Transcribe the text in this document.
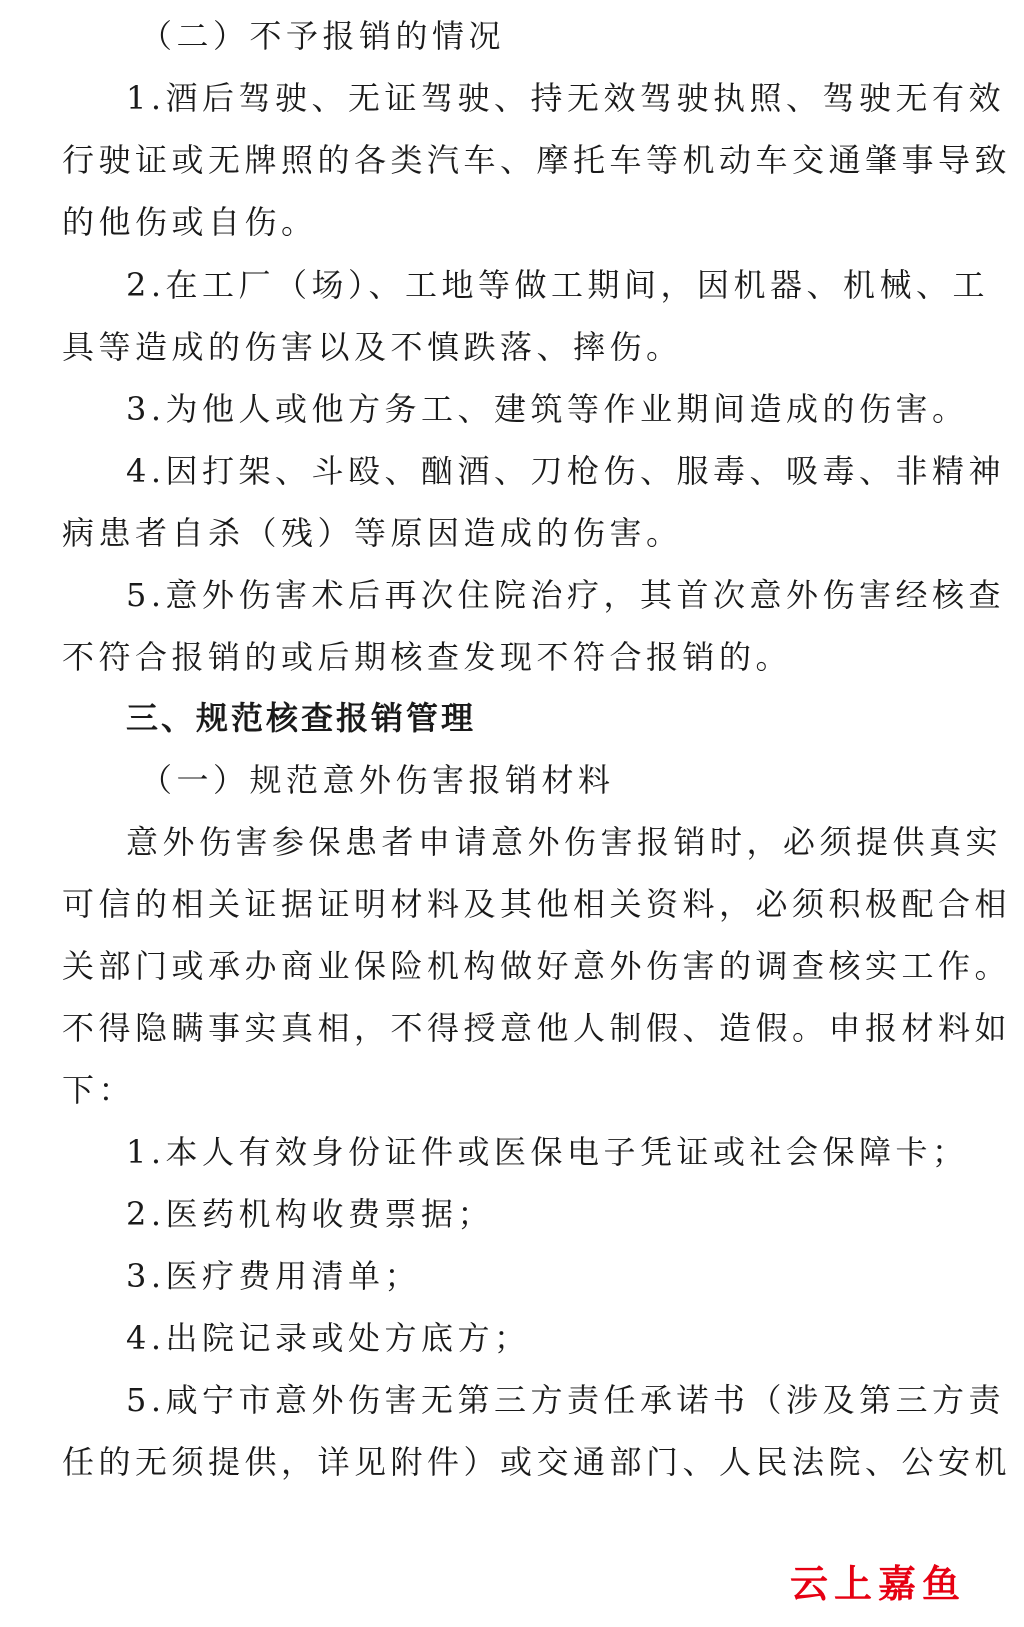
（二）不予报销的情况
1.酒后驾驶、无证驾驶、持无效驾驶执照、驾驶无有效
行驶证或无牌照的各类汽车、摩托车等机动车交通肇事导致
的他伤或自伤。
2.在工厂（场）、工地等做工期间，因机器、机械、工
具等造成的伤害以及不慎跌落、摔伤。
3.为他人或他方务工、建筑等作业期间造成的伤害。
4.因打架、斗殴、酗酒、刀枪伤、服毒、吸毒、非精神
病患者自杀（残）等原因造成的伤害。
5.意外伤害术后再次住院治疗，其首次意外伤害经核查
不符合报销的或后期核查发现不符合报销的。
三、规范核查报销管理
（一）规范意外伤害报销材料
意外伤害参保患者申请意外伤害报销时，必须提供真实
可信的相关证据证明材料及其他相关资料，必须积极配合相
关部门或承办商业保险机构做好意外伤害的调查核实工作。
不得隐瞒事实真相，不得授意他人制假、造假。申报材料如
下：
1.本人有效身份证件或医保电子凭证或社会保障卡；
2.医药机构收费票据；
3.医疗费用清单；
4.出院记录或处方底方；
5.咸宁市意外伤害无第三方责任承诺书（涉及第三方责
任的无须提供，详见附件）或交通部门、人民法院、公安机
云上嘉鱼
